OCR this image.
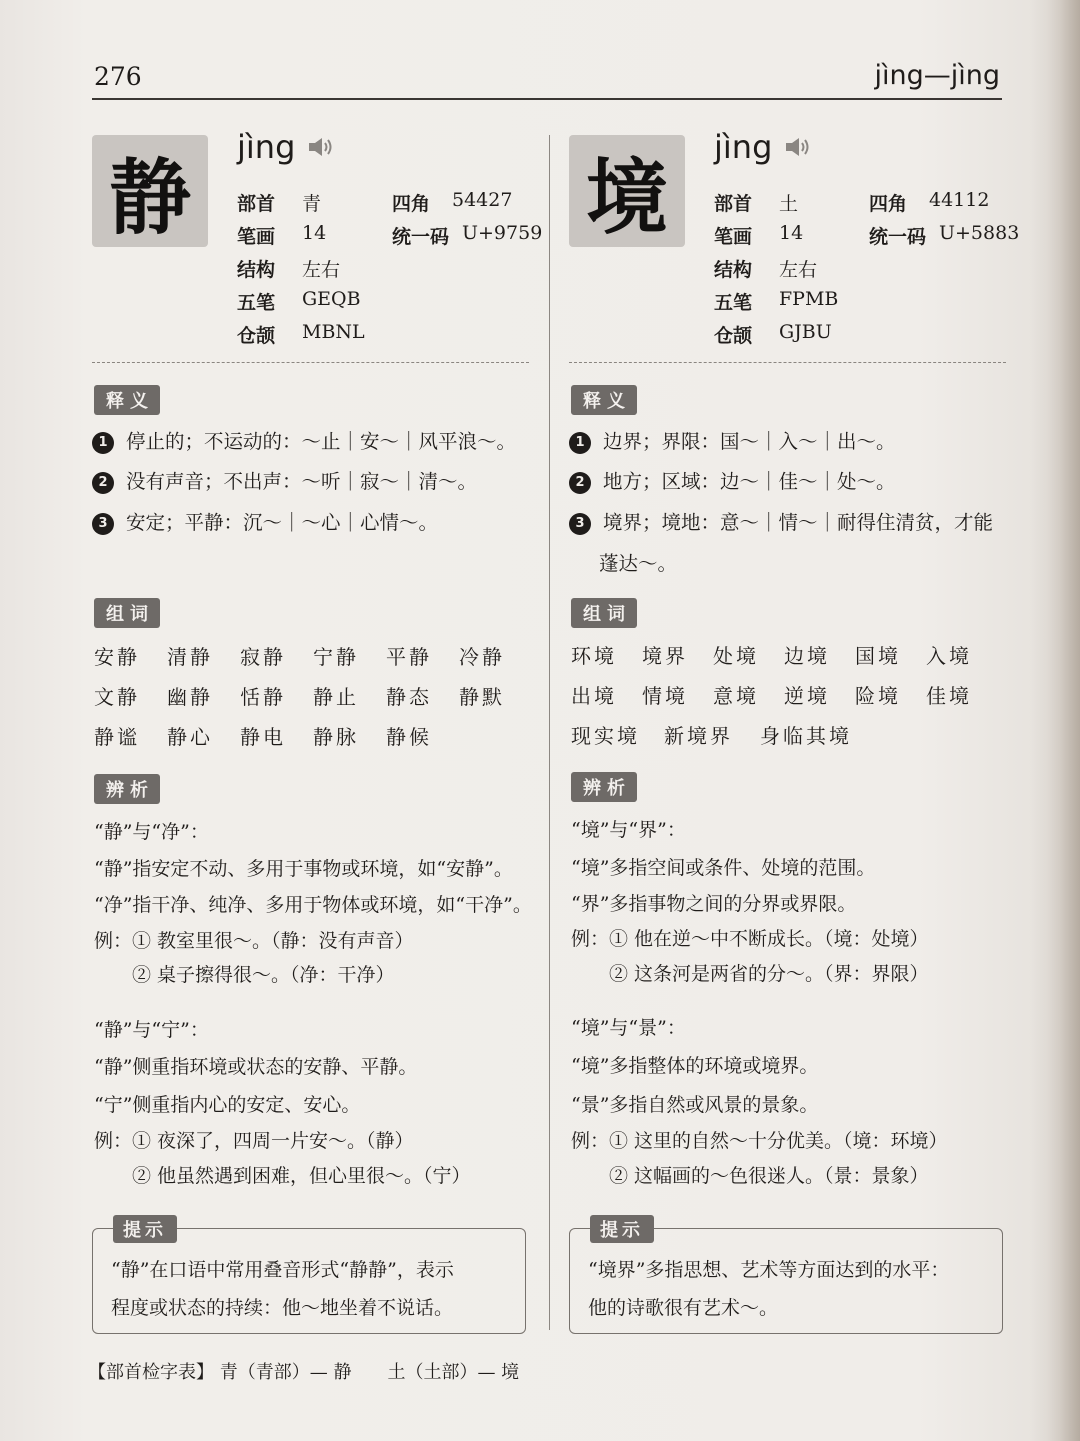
276	jìng—jìng
静
jìng
部首 青	四角 54427
笔画 14	统一码 U+9759
结构 左右
五笔 GEQB
仓颉 MBNL
释义
1 停止的；不运动的：～止｜安～｜风平浪～。
2 没有声音；不出声：～听｜寂～｜清～。
3 安定；平静：沉～｜～心｜心情～。
组词
安静 清静 寂静 宁静 平静 冷静
文静 幽静 恬静 静止 静态 静默
静谧 静心 静电 静脉 静候
辨析
“静”与“净”：
“静”指安定不动、多用于事物或环境，如“安静”。
“净”指干净、纯净、多用于物体或环境，如“干净”。
例：① 教室里很～。（静：没有声音）
② 桌子擦得很～。（净：干净）
“静”与“宁”：
“静”侧重指环境或状态的安静、平静。
“宁”侧重指内心的安定、安心。
例：① 夜深了，四周一片安～。（静）
② 他虽然遇到困难，但心里很～。（宁）
提示
“静”在口语中常用叠音形式“静静”，表示
程度或状态的持续：他～地坐着不说话。
境
jìng
部首 土	四角 44112
笔画 14	统一码 U+5883
结构 左右
五笔 FPMB
仓颉 GJBU
释义
1 边界；界限：国～｜入～｜出～。
2 地方；区域：边～｜佳～｜处～。
3 境界；境地：意～｜情～｜耐得住清贫，才能
蓬达～。
组词
环境 境界 处境 边境 国境 入境
出境 情境 意境 逆境 险境 佳境
现实境 新境界 身临其境
辨析
“境”与“界”：
“境”多指空间或条件、处境的范围。
“界”多指事物之间的分界或界限。
例：① 他在逆～中不断成长。（境：处境）
② 这条河是两省的分～。（界：界限）
“境”与“景”：
“境”多指整体的环境或境界。
“景”多指自然或风景的景象。
例：① 这里的自然～十分优美。（境：环境）
② 这幅画的～色很迷人。（景：景象）
提示
“境界”多指思想、艺术等方面达到的水平：
他的诗歌很有艺术～。
【部首检字表】 青（青部）— 静　　土（土部）— 境
